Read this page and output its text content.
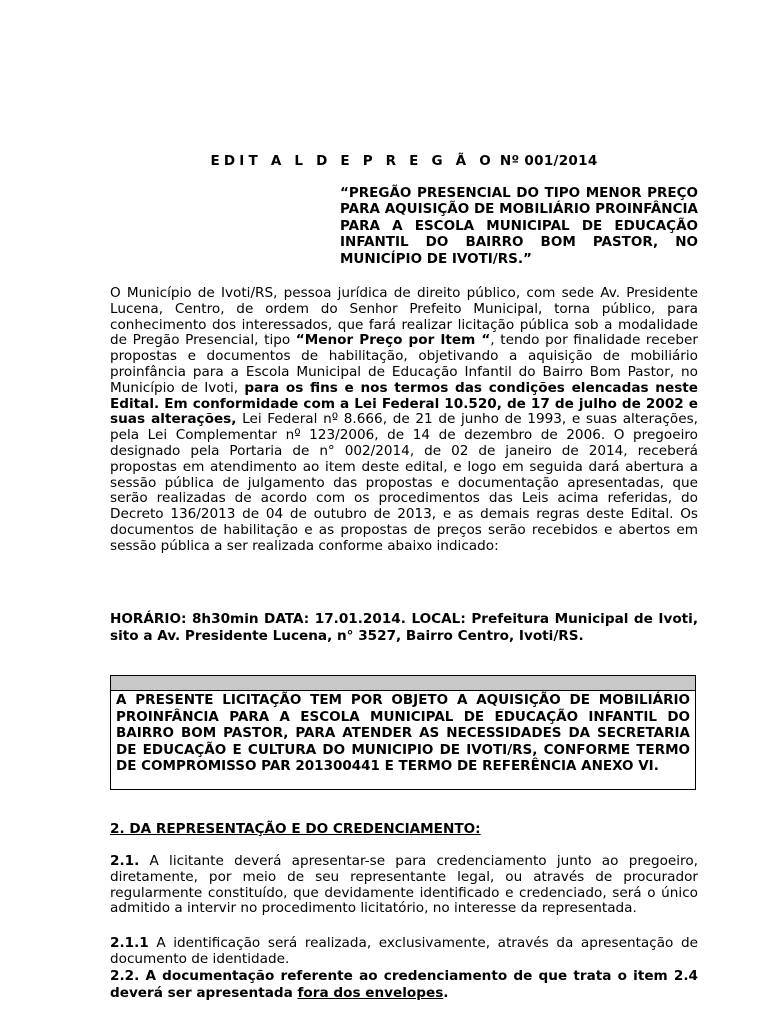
EDIT A L D E P R E G Ã O Nº 001/2014
“PREGÃO PRESENCIAL DO TIPO MENOR PREÇO PARA AQUISIÇÃO DE MOBILIÁRIO PROINFÂNCIA PARA A ESCOLA MUNICIPAL DE EDUCAÇÃO INFANTIL DO BAIRRO BOM PASTOR, NO MUNICÍPIO DE IVOTI/RS.”
O Município de Ivoti/RS, pessoa jurídica de direito público, com sede Av. Presidente Lucena, Centro, de ordem do Senhor Prefeito Municipal, torna público, para conhecimento dos interessados, que fará realizar licitação pública sob a modalidade de Pregão Presencial, tipo “Menor Preço por Item “, tendo por finalidade receber propostas e documentos de habilitação, objetivando a aquisição de mobiliário proinfância para a Escola Municipal de Educação Infantil do Bairro Bom Pastor, no Município de Ivoti, para os fins e nos termos das condições elencadas neste Edital. Em conformidade com a Lei Federal 10.520, de 17 de julho de 2002 e suas alterações, Lei Federal nº 8.666, de 21 de junho de 1993, e suas alterações, pela Lei Complementar nº 123/2006, de 14 de dezembro de 2006. O pregoeiro designado pela Portaria de n° 002/2014, de 02 de janeiro de 2014, receberá propostas em atendimento ao item deste edital, e logo em seguida dará abertura a sessão pública de julgamento das propostas e documentação apresentadas, que serão realizadas de acordo com os procedimentos das Leis acima referidas, do Decreto 136/2013 de 04 de outubro de 2013, e as demais regras deste Edital. Os documentos de habilitação e as propostas de preços serão recebidos e abertos em sessão pública a ser realizada conforme abaixo indicado:
HORÁRIO: 8h30min DATA: 17.01.2014. LOCAL: Prefeitura Municipal de Ivoti, sito a Av. Presidente Lucena, n° 3527, Bairro Centro, Ivoti/RS.
A PRESENTE LICITAÇÃO TEM POR OBJETO A AQUISIÇÃO DE MOBILIÁRIO PROINFÂNCIA PARA A ESCOLA MUNICIPAL DE EDUCAÇÃO INFANTIL DO BAIRRO BOM PASTOR, PARA ATENDER AS NECESSIDADES DA SECRETARIA DE EDUCAÇÃO E CULTURA DO MUNICIPIO DE IVOTI/RS, CONFORME TERMO DE COMPROMISSO PAR 201300441 E TERMO DE REFERÊNCIA ANEXO VI.
2. DA REPRESENTAÇÃO E DO CREDENCIAMENTO:
2.1. A licitante deverá apresentar-se para credenciamento junto ao pregoeiro, diretamente, por meio de seu representante legal, ou através de procurador regularmente constituído, que devidamente identificado e credenciado, será o único admitido a intervir no procedimento licitatório, no interesse da representada.
2.1.1 A identificação será realizada, exclusivamente, através da apresentação de documento de identidade.
2.2. A documentação referente ao credenciamento de que trata o item 2.4 deverá ser apresentada fora dos envelopes.
